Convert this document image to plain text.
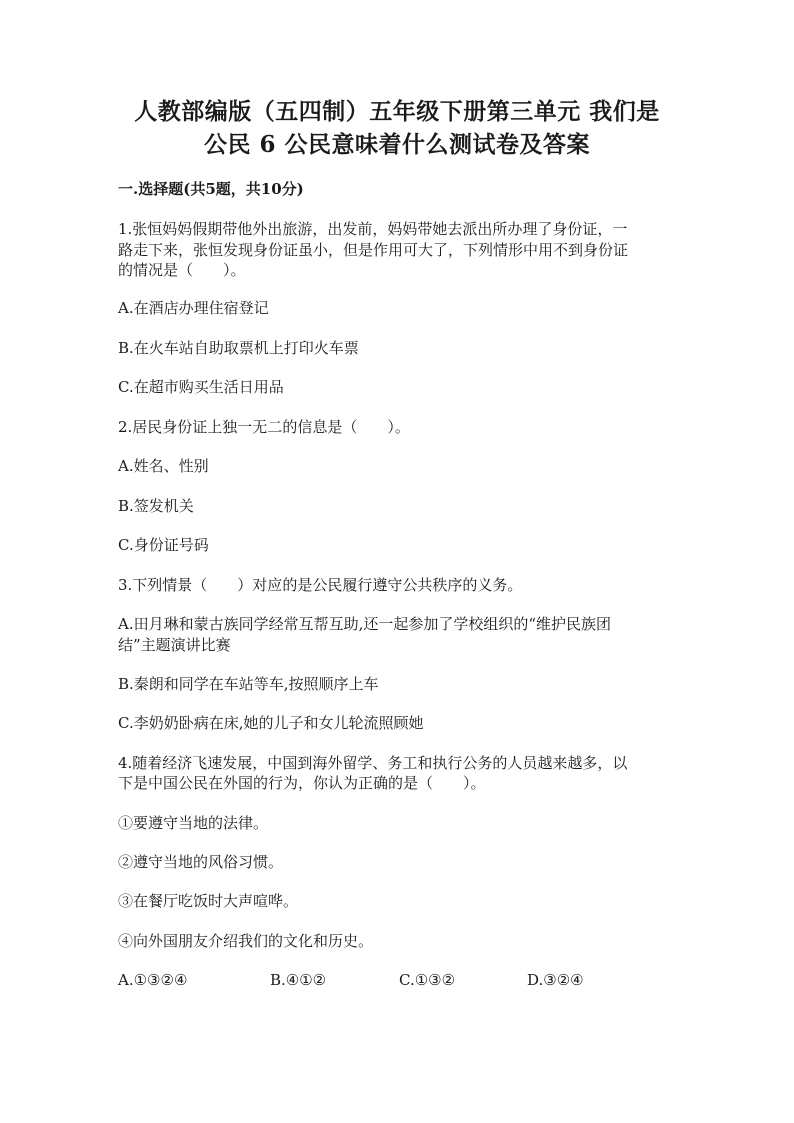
人教部编版（五四制）五年级下册第三单元 我们是
公民 6 公民意味着什么测试卷及答案
一.选择题(共5题，共10分)
1.张恒妈妈假期带他外出旅游，出发前，妈妈带她去派出所办理了身份证，一
路走下来，张恒发现身份证虽小，但是作用可大了，下列情形中用不到身份证
的情况是（　　）。
A.在酒店办理住宿登记
B.在火车站自助取票机上打印火车票
C.在超市购买生活日用品
2.居民身份证上独一无二的信息是（　　）。
A.姓名、性别
B.签发机关
C.身份证号码
3.下列情景（　　）对应的是公民履行遵守公共秩序的义务。
A.田月琳和蒙古族同学经常互帮互助,还一起参加了学校组织的“维护民族团
结”主题演讲比赛
B.秦朗和同学在车站等车,按照顺序上车
C.李奶奶卧病在床,她的儿子和女儿轮流照顾她
4.随着经济飞速发展，中国到海外留学、务工和执行公务的人员越来越多，以
下是中国公民在外国的行为，你认为正确的是（　　）。
①要遵守当地的法律。
②遵守当地的风俗习惯。
③在餐厅吃饭时大声喧哗。
④向外国朋友介绍我们的文化和历史。
A.①③②④	B.④①②	C.①③②	D.③②④
